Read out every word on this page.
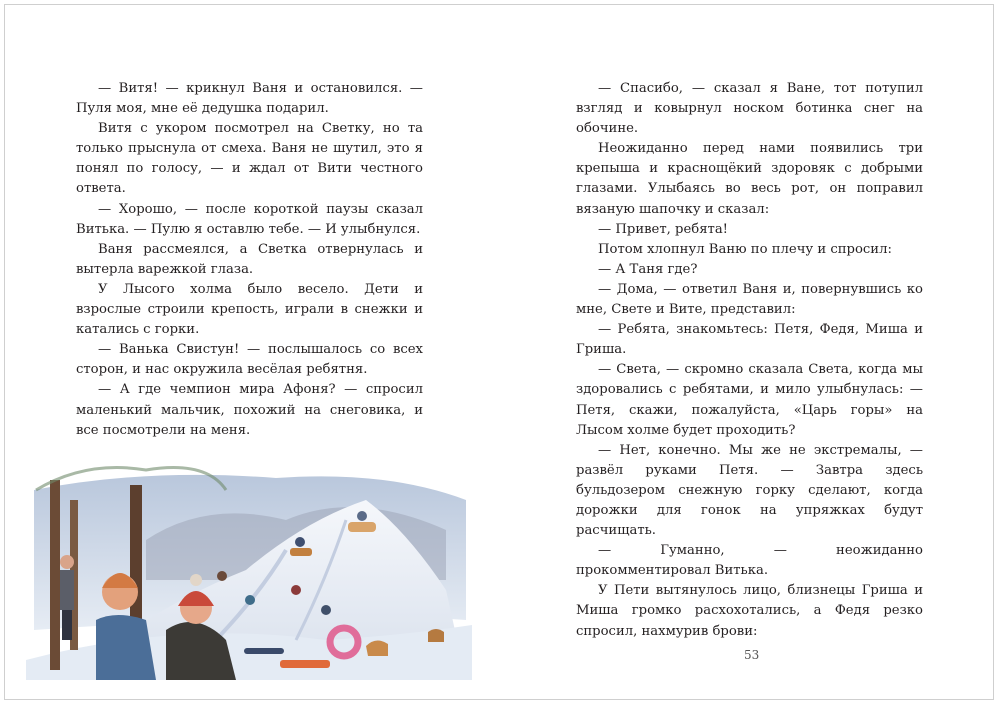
— Витя! — крикнул Ваня и остановился. — Пуля моя, мне её дедушка подарил.

Витя с укором посмотрел на Светку, но та только прыснула от смеха. Ваня не шутил, это я понял по голосу, — и ждал от Вити честного ответа.

— Хорошо, — после короткой паузы сказал Витька. — Пулю я оставлю тебе. — И улыбнулся.

Ваня рассмеялся, а Светка отвернулась и вытерла варежкой глаза.

У Лысого холма было весело. Дети и взрослые строили крепость, играли в снежки и катались с горки.

— Ванька Свистун! — послышалось со всех сторон, и нас окружила весёлая ребятня.

— А где чемпион мира Афоня? — спросил маленький мальчик, похожий на снеговика, и все посмотрели на меня.

— Спасибо, — сказал я Ване, тот потупил взгляд и ковырнул носком ботинка снег на обочине.

Неожиданно перед нами появились три крепыша и краснощёкий здоровяк с добрыми глазами. Улыбаясь во весь рот, он поправил вязаную шапочку и сказал:

— Привет, ребята!

Потом хлопнул Ваню по плечу и спросил:

— А Таня где?

— Дома, — ответил Ваня и, повернувшись ко мне, Свете и Вите, представил:

— Ребята, знакомьтесь: Петя, Федя, Миша и Гриша.

— Света, — скромно сказала Света, когда мы здоровались с ребятами, и мило улыбнулась: — Петя, скажи, пожалуйста, «Царь горы» на Лысом холме будет проходить?

— Нет, конечно. Мы же не экстремалы, — развёл руками Петя. — Завтра здесь бульдозером снежную горку сделают, когда дорожки для гонок на упряжках будут расчищать.

— Гуманно, — неожиданно прокомментировал Витька.

У Пети вытянулось лицо, близнецы Гриша и Миша громко расхохотались, а Федя резко спросил, нахмурив брови:

53
